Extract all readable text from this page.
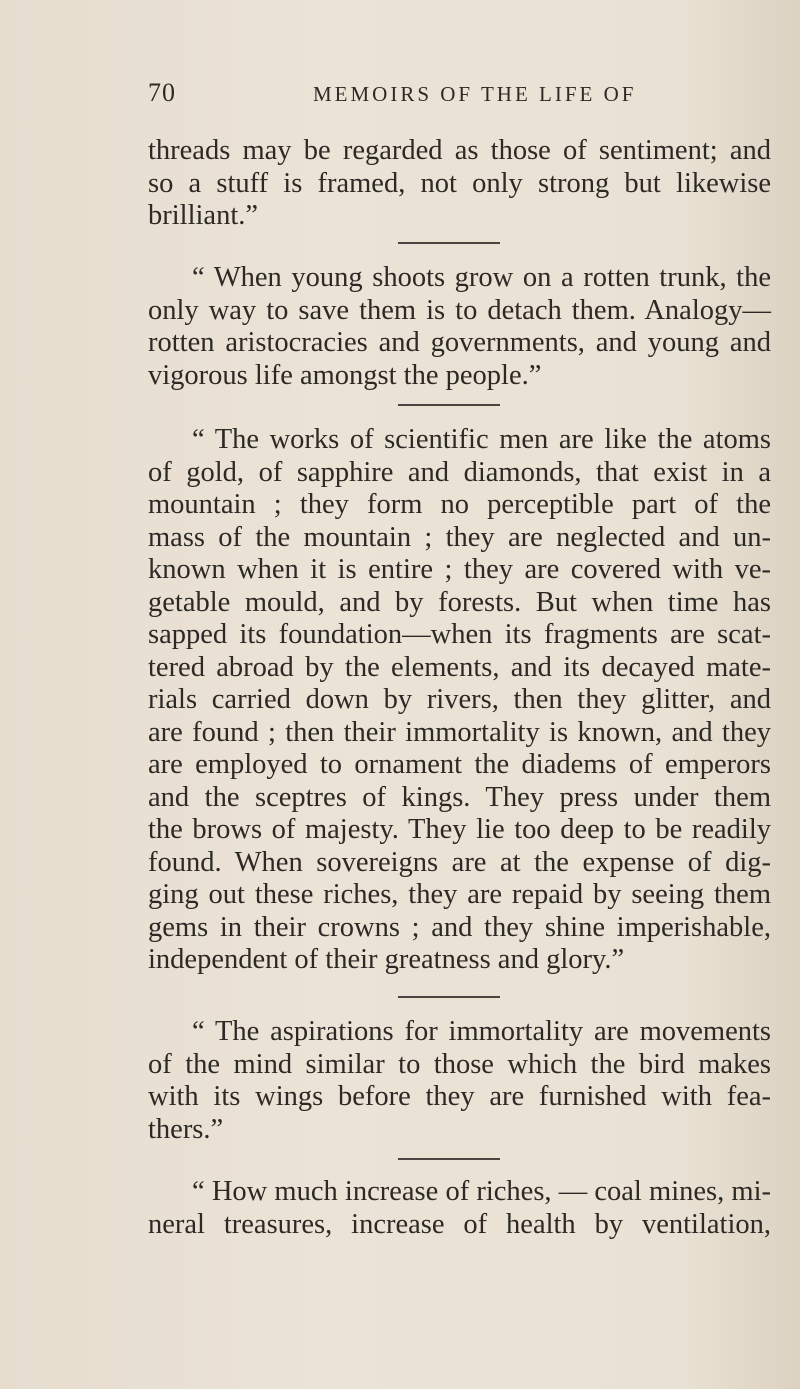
70	MEMOIRS OF THE LIFE OF
threads may be regarded as those of sentiment; and
so a stuff is framed, not only strong but likewise
brilliant.”
“ When young shoots grow on a rotten trunk, the
only way to save them is to detach them. Analogy—
rotten aristocracies and governments, and young and
vigorous life amongst the people.”
“ The works of scientific men are like the atoms
of gold, of sapphire and diamonds, that exist in a
mountain ; they form no perceptible part of the
mass of the mountain ; they are neglected and un-
known when it is entire ; they are covered with ve-
getable mould, and by forests. But when time has
sapped its foundation—when its fragments are scat-
tered abroad by the elements, and its decayed mate-
rials carried down by rivers, then they glitter, and
are found ; then their immortality is known, and they
are employed to ornament the diadems of emperors
and the sceptres of kings. They press under them
the brows of majesty. They lie too deep to be readily
found. When sovereigns are at the expense of dig-
ging out these riches, they are repaid by seeing them
gems in their crowns ; and they shine imperishable,
independent of their greatness and glory.”
“ The aspirations for immortality are movements
of the mind similar to those which the bird makes
with its wings before they are furnished with fea-
thers.”
“ How much increase of riches, — coal mines, mi-
neral treasures, increase of health by ventilation,
